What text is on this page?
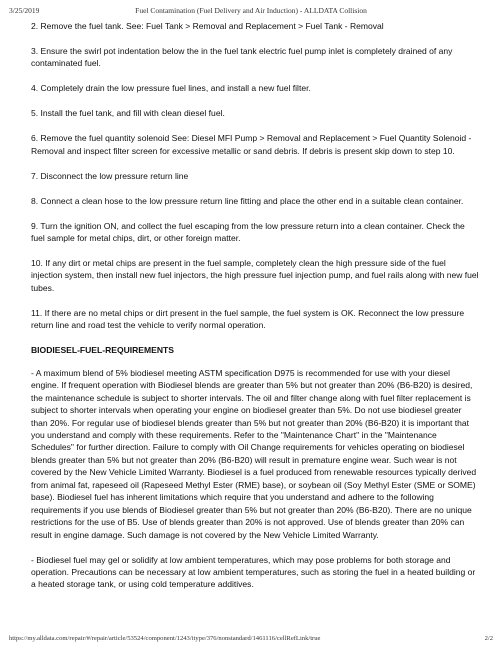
3/25/2019	Fuel Contamination (Fuel Delivery and Air Induction) - ALLDATA Collision

2. Remove the fuel tank. See: Fuel Tank > Removal and Replacement > Fuel Tank - Removal

3. Ensure the swirl pot indentation below the in the fuel tank electric fuel pump inlet is completely drained of any contaminated fuel.

4. Completely drain the low pressure fuel lines, and install a new fuel filter.

5. Install the fuel tank, and fill with clean diesel fuel.

6. Remove the fuel quantity solenoid See: Diesel MFI Pump > Removal and Replacement > Fuel Quantity Solenoid - Removal and inspect filter screen for excessive metallic or sand debris. If debris is present skip down to step 10.

7. Disconnect the low pressure return line

8. Connect a clean hose to the low pressure return line fitting and place the other end in a suitable clean container.

9. Turn the ignition ON, and collect the fuel escaping from the low pressure return into a clean container. Check the fuel sample for metal chips, dirt, or other foreign matter.

10. If any dirt or metal chips are present in the fuel sample, completely clean the high pressure side of the fuel injection system, then install new fuel injectors, the high pressure fuel injection pump, and fuel rails along with new fuel tubes.

11. If there are no metal chips or dirt present in the fuel sample, the fuel system is OK. Reconnect the low pressure return line and road test the vehicle to verify normal operation.

BIODIESEL-FUEL-REQUIREMENTS

- A maximum blend of 5% biodiesel meeting ASTM specification D975 is recommended for use with your diesel engine. If frequent operation with Biodiesel blends are greater than 5% but not greater than 20% (B6-B20) is desired, the maintenance schedule is subject to shorter intervals. The oil and filter change along with fuel filter replacement is subject to shorter intervals when operating your engine on biodiesel greater than 5%. Do not use biodiesel greater than 20%. For regular use of biodiesel blends greater than 5% but not greater than 20% (B6-B20) it is important that you understand and comply with these requirements. Refer to the "Maintenance Chart" in the "Maintenance Schedules" for further direction. Failure to comply with Oil Change requirements for vehicles operating on biodiesel blends greater than 5% but not greater than 20% (B6-B20) will result in premature engine wear. Such wear is not covered by the New Vehicle Limited Warranty. Biodiesel is a fuel produced from renewable resources typically derived from animal fat, rapeseed oil (Rapeseed Methyl Ester (RME) base), or soybean oil (Soy Methyl Ester (SME or SOME) base). Biodiesel fuel has inherent limitations which require that you understand and adhere to the following requirements if you use blends of Biodiesel greater than 5% but not greater than 20% (B6-B20). There are no unique restrictions for the use of B5. Use of blends greater than 20% is not approved. Use of blends greater than 20% can result in engine damage. Such damage is not covered by the New Vehicle Limited Warranty.

- Biodiesel fuel may gel or solidify at low ambient temperatures, which may pose problems for both storage and operation. Precautions can be necessary at low ambient temperatures, such as storing the fuel in a heated building or a heated storage tank, or using cold temperature additives.

https://my.alldata.com/repair/#/repair/article/53524/component/1243/itype/376/nonstandard/1461116/cellRefLink/true	2/2
